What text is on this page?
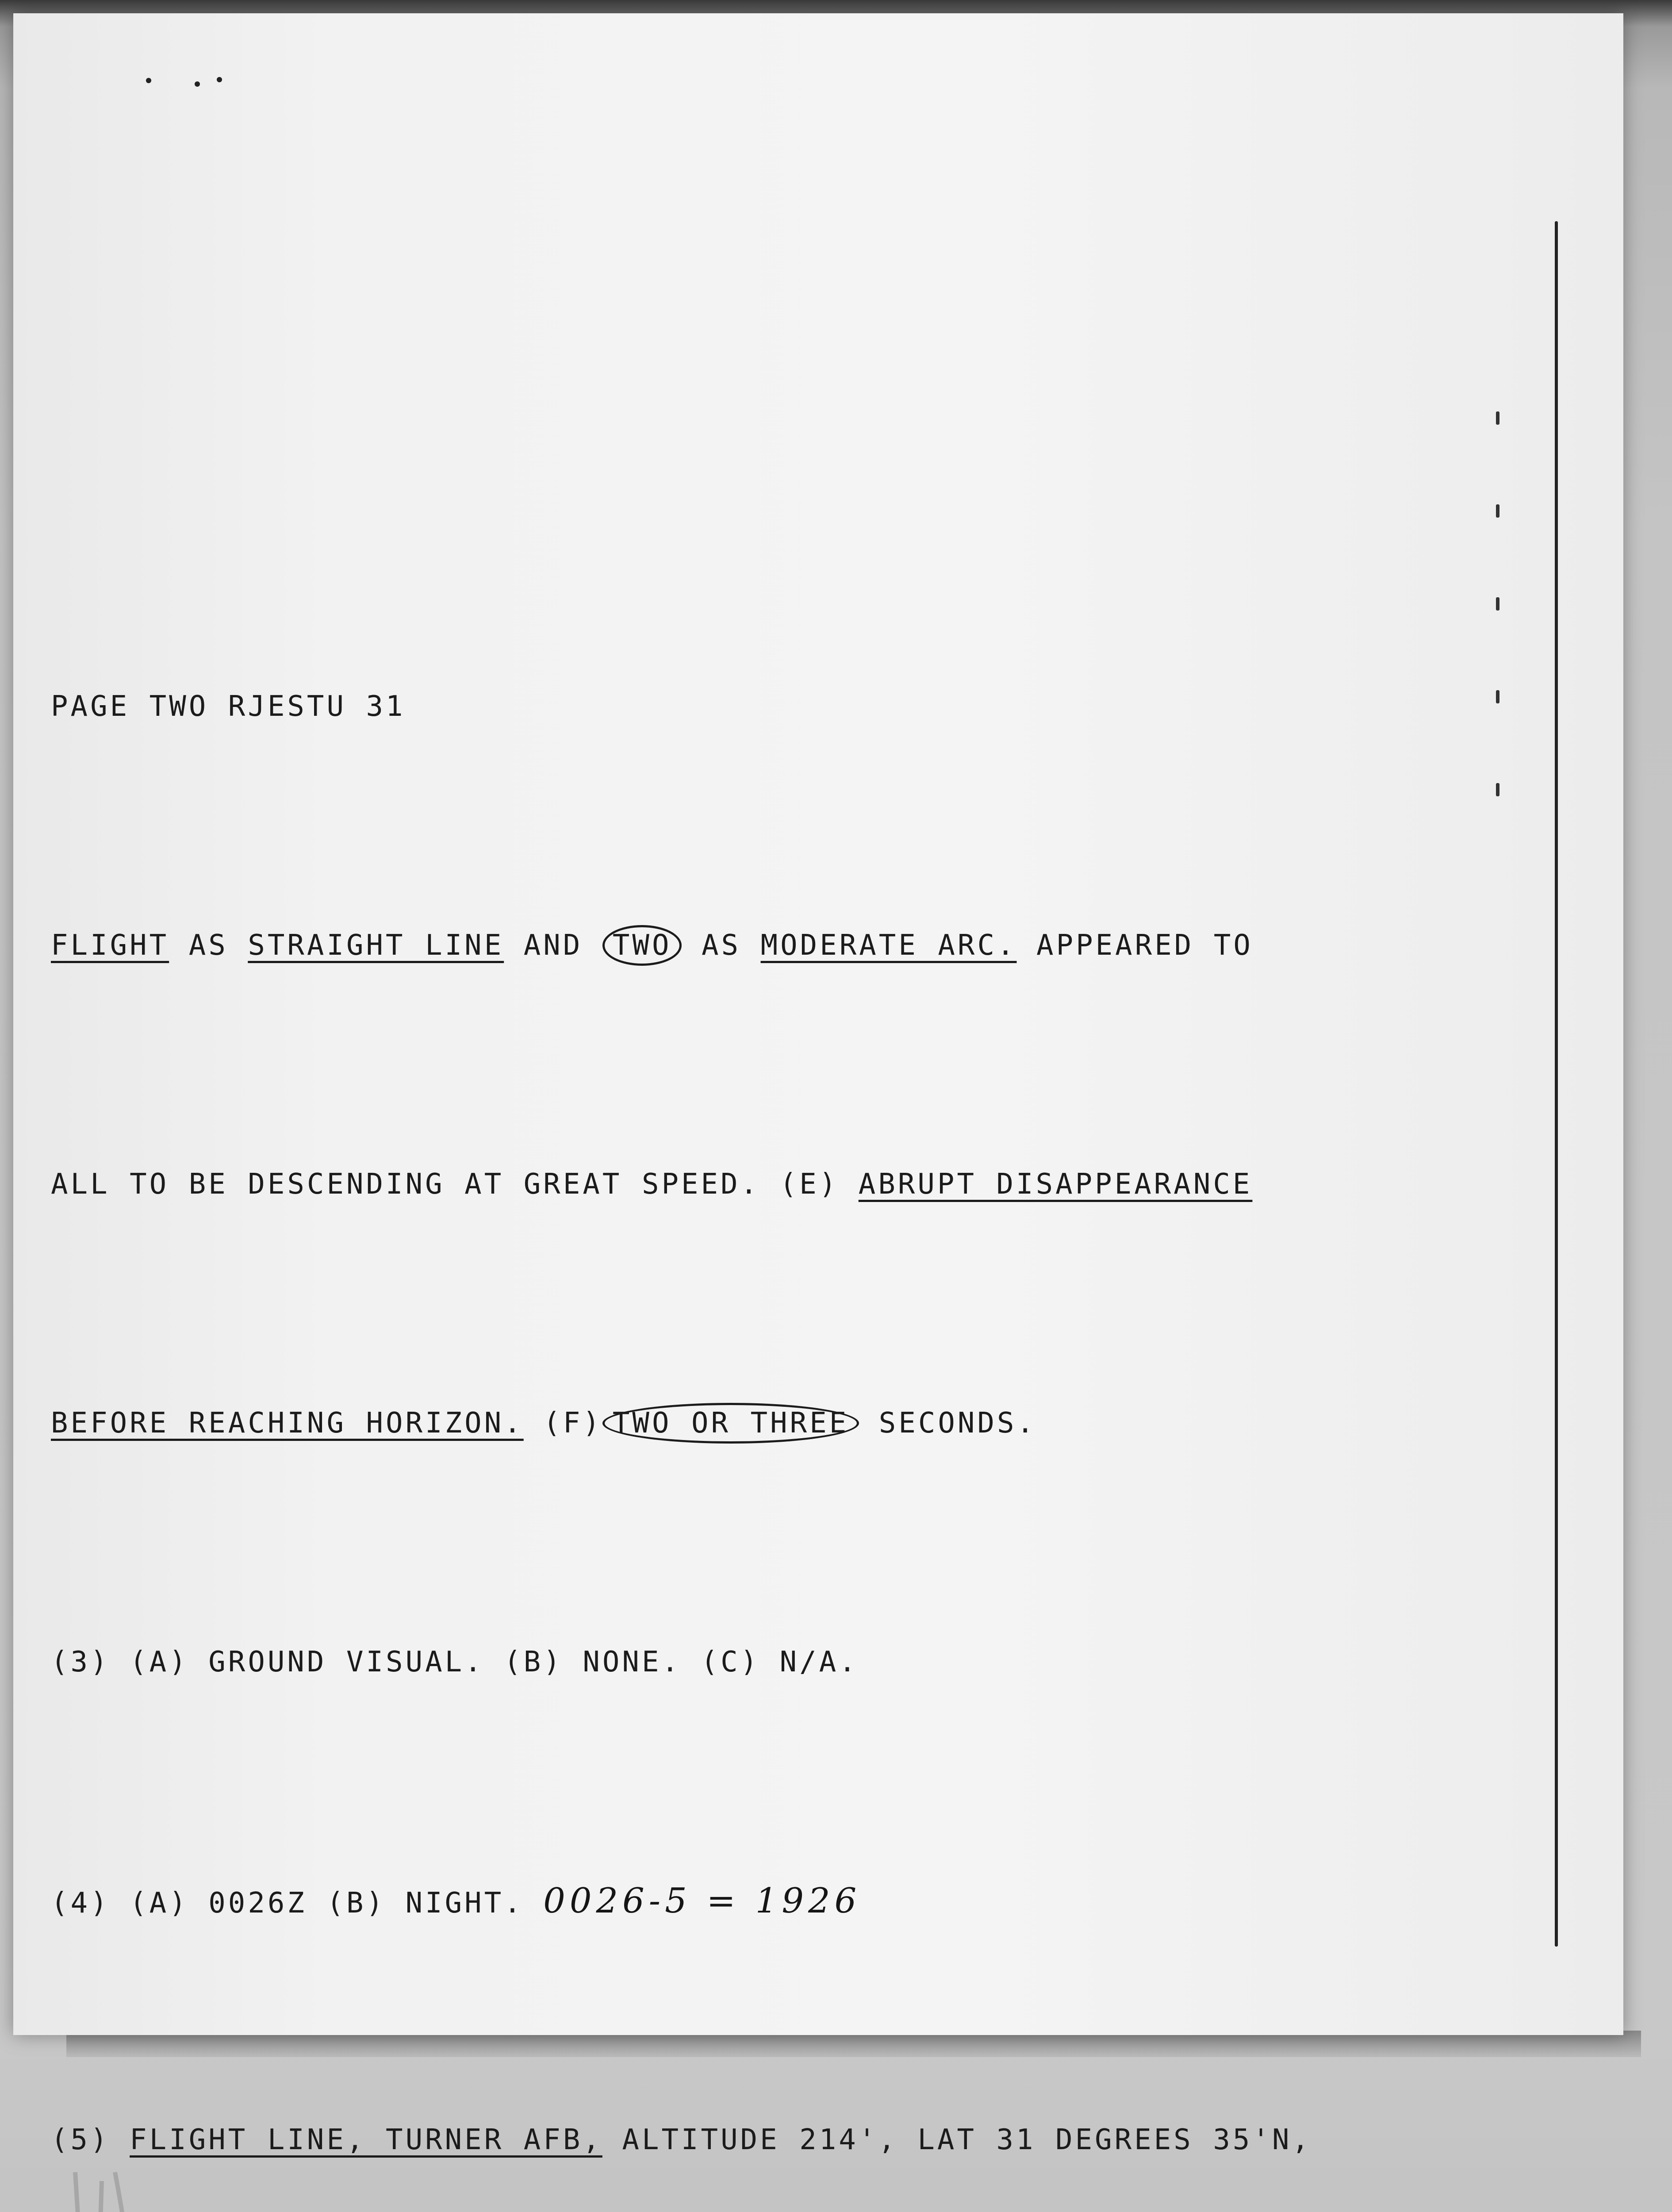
PAGE TWO RJESTU 31

FLIGHT AS STRAIGHT LINE AND TWO AS MODERATE ARC. APPEARED TO

ALL TO BE DESCENDING AT GREAT SPEED. (E) ABRUPT DISAPPEARANCE

BEFORE REACHING HORIZON. (F) TWO OR THREE SECONDS.

(3) (A) GROUND VISUAL. (B) NONE. (C) N/A.

(4) (A) 0026Z (B) NIGHT. 0026-5 = 1926

(5) FLIGHT LINE, TURNER AFB, ALTITUDE 214', LAT 31 DEGREES 35'N,
